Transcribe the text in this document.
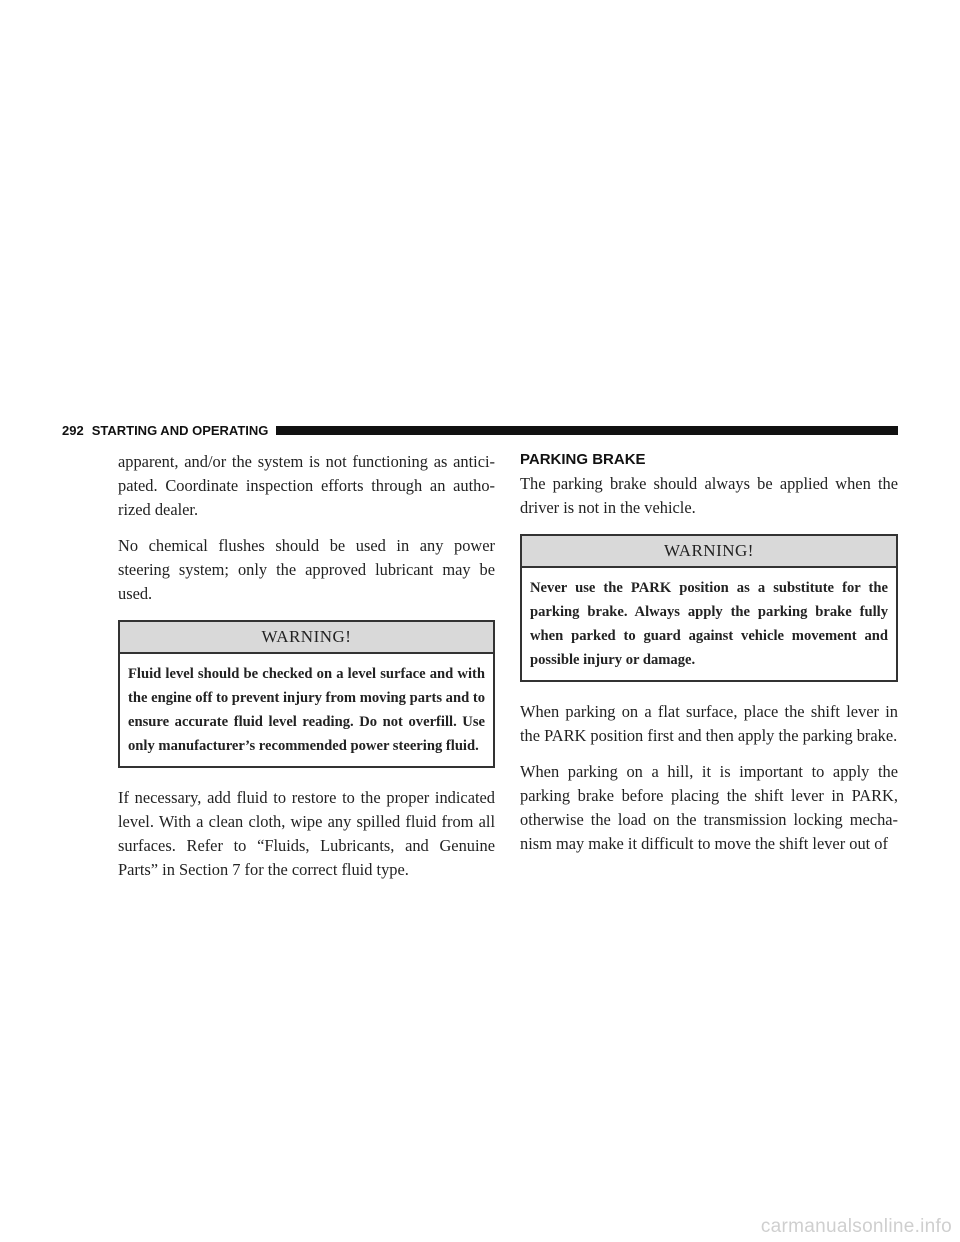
292 STARTING AND OPERATING

apparent, and/or the system is not functioning as antici-pated. Coordinate inspection efforts through an autho-rized dealer.

No chemical flushes should be used in any power steering system; only the approved lubricant may be used.

WARNING!
Fluid level should be checked on a level surface and with the engine off to prevent injury from moving parts and to ensure accurate fluid level reading. Do not overfill. Use only manufacturer’s recommended power steering fluid.

If necessary, add fluid to restore to the proper indicated level. With a clean cloth, wipe any spilled fluid from all surfaces. Refer to “Fluids, Lubricants, and Genuine Parts” in Section 7 for the correct fluid type.

PARKING BRAKE

The parking brake should always be applied when the driver is not in the vehicle.

WARNING!
Never use the PARK position as a substitute for the parking brake. Always apply the parking brake fully when parked to guard against vehicle movement and possible injury or damage.

When parking on a flat surface, place the shift lever in the PARK position first and then apply the parking brake.

When parking on a hill, it is important to apply the parking brake before placing the shift lever in PARK, otherwise the load on the transmission locking mecha-nism may make it difficult to move the shift lever out of

carmanualsonline.info
